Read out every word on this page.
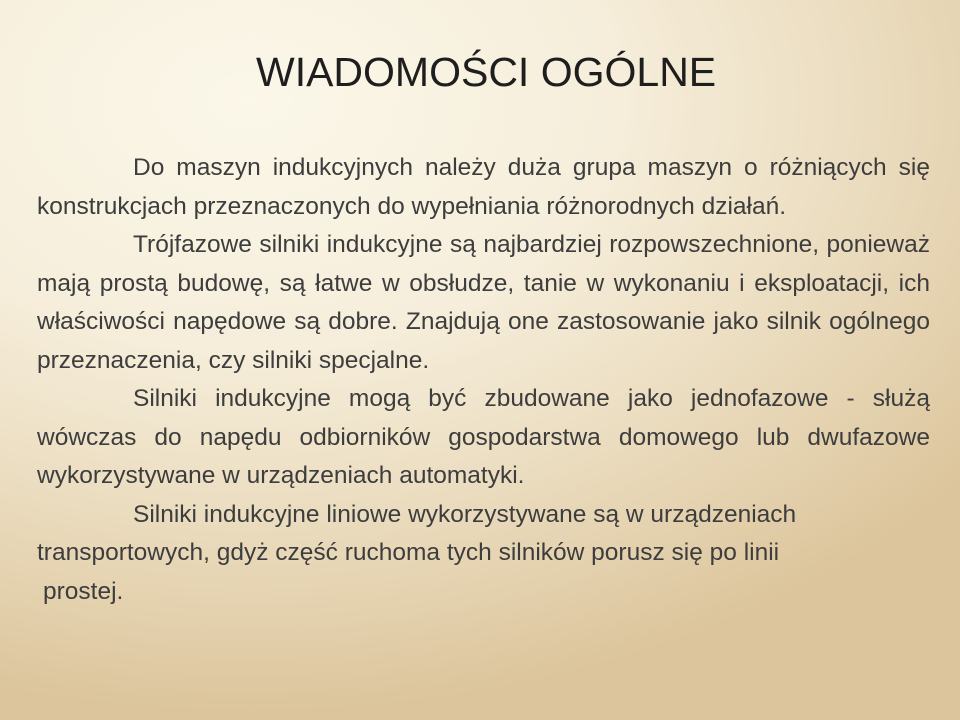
WIADOMOŚCI OGÓLNE

Do maszyn indukcyjnych należy duża grupa maszyn o różniących się konstrukcjach przeznaczonych do wypełniania różnorodnych działań.

Trójfazowe silniki indukcyjne są najbardziej rozpowszechnione, ponieważ mają prostą budowę, są łatwe w obsłudze, tanie w wykonaniu i eksploatacji, ich właściwości napędowe są dobre. Znajdują one zastosowanie jako silnik ogólnego przeznaczenia, czy silniki specjalne.

Silniki indukcyjne mogą być zbudowane jako jednofazowe - służą wówczas do napędu odbiorników gospodarstwa domowego lub dwufazowe wykorzystywane w urządzeniach automatyki.

Silniki indukcyjne liniowe wykorzystywane są w urządzeniach
transportowych, gdyż część ruchoma tych silników porusz się po linii
prostej.
